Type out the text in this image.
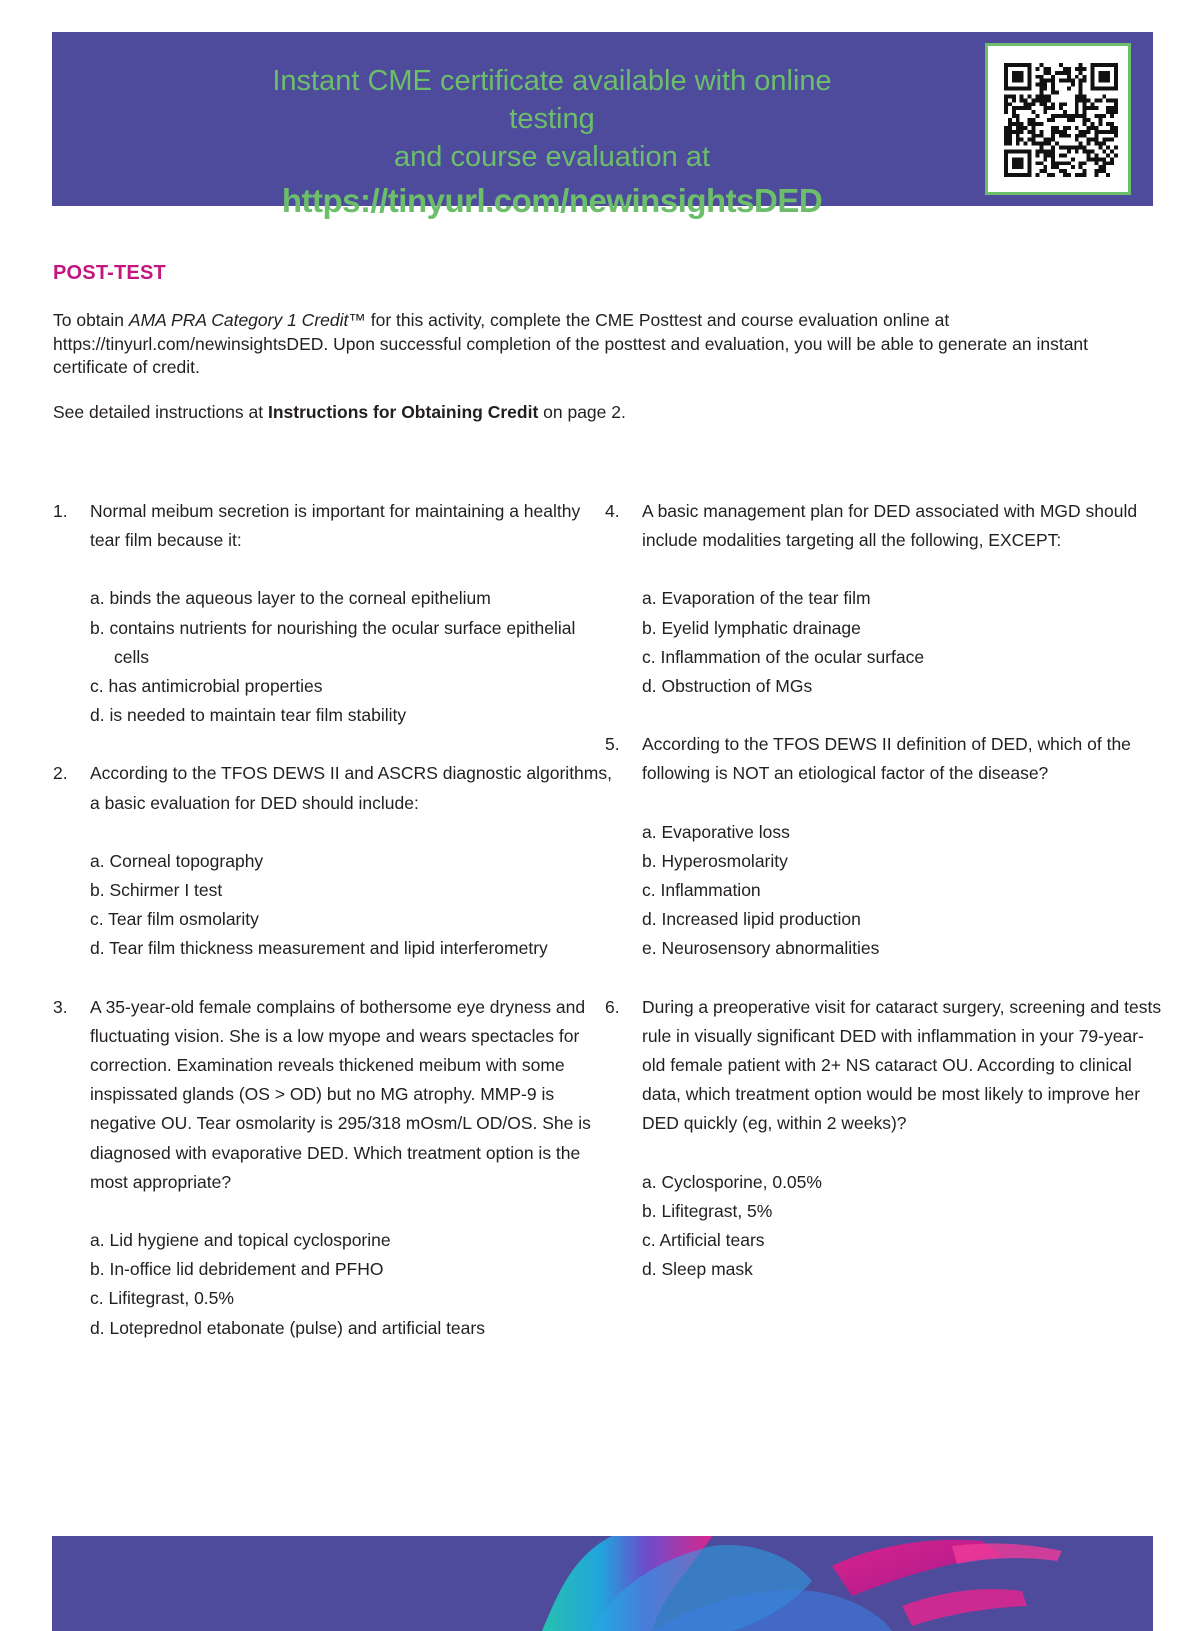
Instant CME certificate available with online testing
and course evaluation at
https://tinyurl.com/newinsightsDED
POST-TEST

To obtain AMA PRA Category 1 Credit™ for this activity, complete the CME Posttest and course evaluation online at https://tinyurl.com/newinsightsDED. Upon successful completion of the posttest and evaluation, you will be able to generate an instant certificate of credit.

See detailed instructions at Instructions for Obtaining Credit on page 2.

1. Normal meibum secretion is important for maintaining a healthy tear film because it:

a. binds the aqueous layer to the corneal epithelium
b. contains nutrients for nourishing the ocular surface epithelial cells
c. has antimicrobial properties
d. is needed to maintain tear film stability
2. According to the TFOS DEWS II and ASCRS diagnostic algorithms, a basic evaluation for DED should include:

a. Corneal topography
b. Schirmer I test
c. Tear film osmolarity
d. Tear film thickness measurement and lipid interferometry
3. A 35-year-old female complains of bothersome eye dryness and fluctuating vision. She is a low myope and wears spectacles for correction. Examination reveals thickened meibum with some inspissated glands (OS > OD) but no MG atrophy. MMP-9 is negative OU. Tear osmolarity is 295/318 mOsm/L OD/OS. She is diagnosed with evaporative DED. Which treatment option is the most appropriate?

a. Lid hygiene and topical cyclosporine
b. In-office lid debridement and PFHO
c. Lifitegrast, 0.5%
d. Loteprednol etabonate (pulse) and artificial tears
4. A basic management plan for DED associated with MGD should include modalities targeting all the following, EXCEPT:

a. Evaporation of the tear film
b. Eyelid lymphatic drainage
c. Inflammation of the ocular surface
d. Obstruction of MGs
5. According to the TFOS DEWS II definition of DED, which of the following is NOT an etiological factor of the disease?

a. Evaporative loss
b. Hyperosmolarity
c. Inflammation
d. Increased lipid production
e. Neurosensory abnormalities
6. During a preoperative visit for cataract surgery, screening and tests rule in visually significant DED with inflammation in your 79-year-old female patient with 2+ NS cataract OU. According to clinical data, which treatment option would be most likely to improve her DED quickly (eg, within 2 weeks)?

a. Cyclosporine, 0.05%
b. Lifitegrast, 5%
c. Artificial tears
d. Sleep mask
